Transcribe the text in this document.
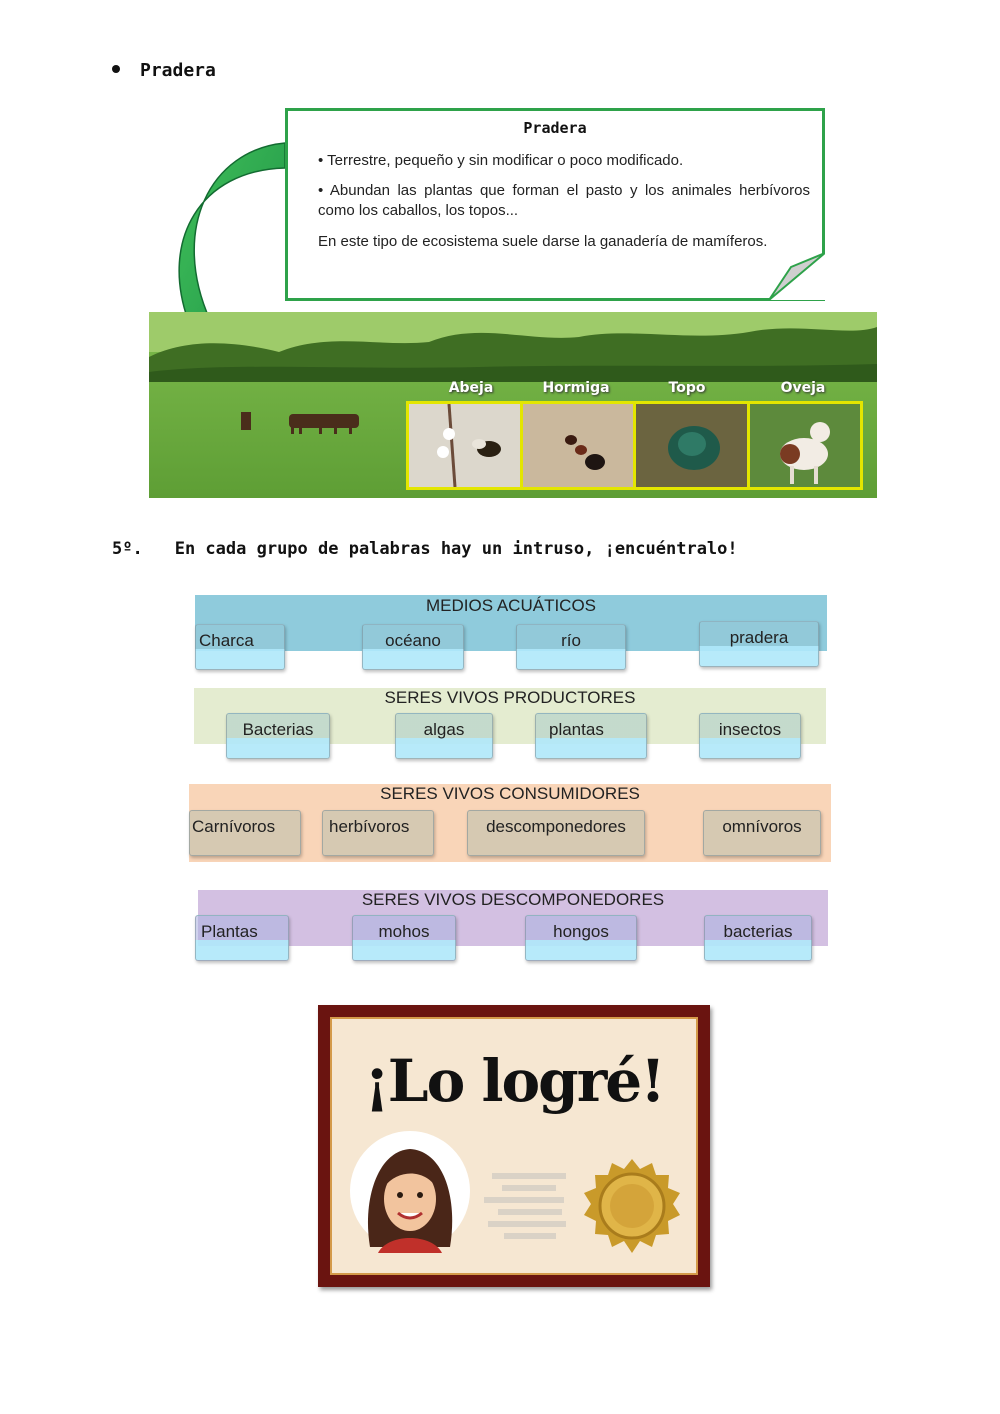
Pradera
Pradera
• Terrestre, pequeño y sin modificar o poco modificado.
• Abundan las plantas que forman el pasto y los animales herbívoros como los caballos, los topos...
En este tipo de ecosistema suele darse la ganadería de mamíferos.
Abeja	Hormiga	Topo	Oveja
5º. En cada grupo de palabras hay un intruso, ¡encuéntralo!
MEDIOS ACUÁTICOS
Charca	océano	río	pradera
SERES VIVOS PRODUCTORES
Bacterias	algas	plantas	insectos
SERES VIVOS CONSUMIDORES
Carnívoros	herbívoros	descomponedores	omnívoros
SERES VIVOS DESCOMPONEDORES
Plantas	mohos	hongos	bacterias
¡Lo logré!
